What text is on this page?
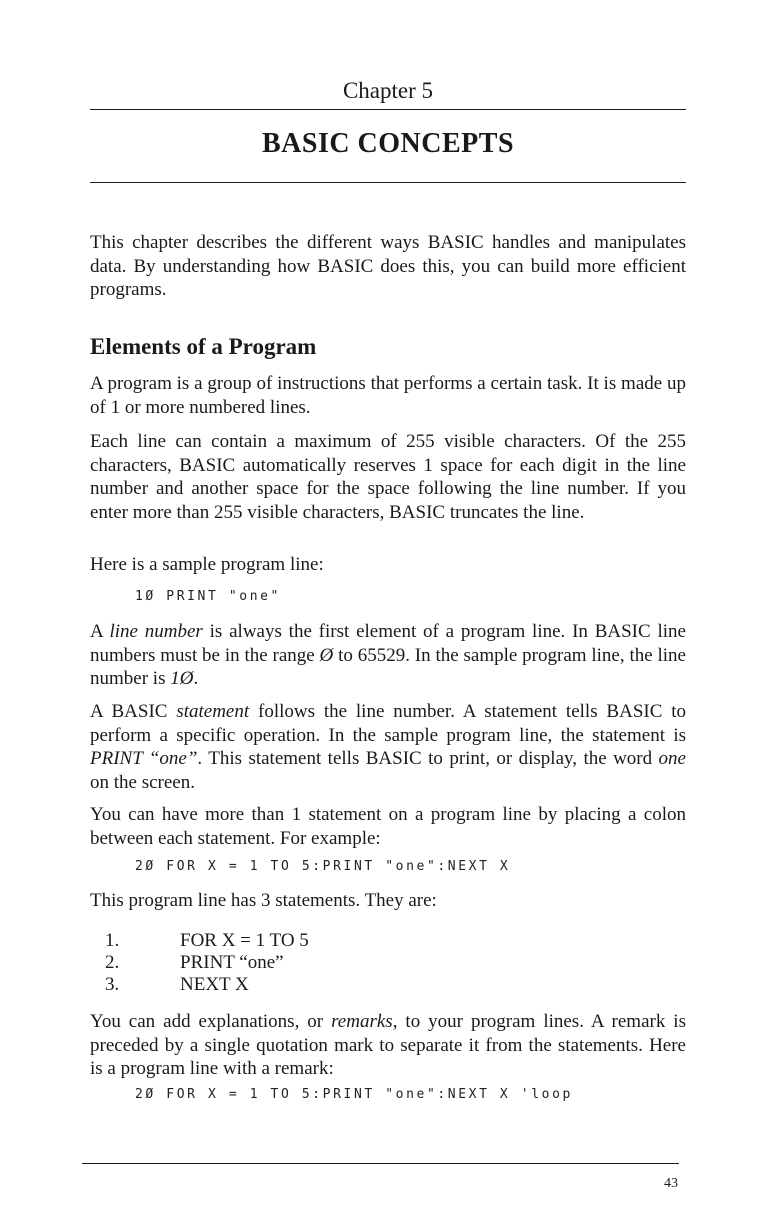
Chapter 5
BASIC CONCEPTS

This chapter describes the different ways BASIC handles and manipulates data. By understanding how BASIC does this, you can build more efficient programs.

Elements of a Program

A program is a group of instructions that performs a certain task. It is made up of 1 or more numbered lines.

Each line can contain a maximum of 255 visible characters. Of the 255 characters, BASIC automatically reserves 1 space for each digit in the line number and another space for the space following the line number. If you enter more than 255 visible characters, BASIC truncates the line.

Here is a sample program line:

1Ø PRINT "one"

A line number is always the first element of a program line. In BASIC line numbers must be in the range Ø to 65529. In the sample program line, the line number is 1Ø.

A BASIC statement follows the line number. A statement tells BASIC to perform a specific operation. In the sample program line, the statement is PRINT “one”. This statement tells BASIC to print, or display, the word one on the screen.

You can have more than 1 statement on a program line by placing a colon between each statement. For example:

2Ø FOR X = 1 TO 5:PRINT "one":NEXT X

This program line has 3 statements. They are:

1.	FOR X = 1 TO 5
2.	PRINT “one”
3.	NEXT X

You can add explanations, or remarks, to your program lines. A remark is preceded by a single quotation mark to separate it from the statements. Here is a program line with a remark:

2Ø FOR X = 1 TO 5:PRINT "one":NEXT X 'loop
43
